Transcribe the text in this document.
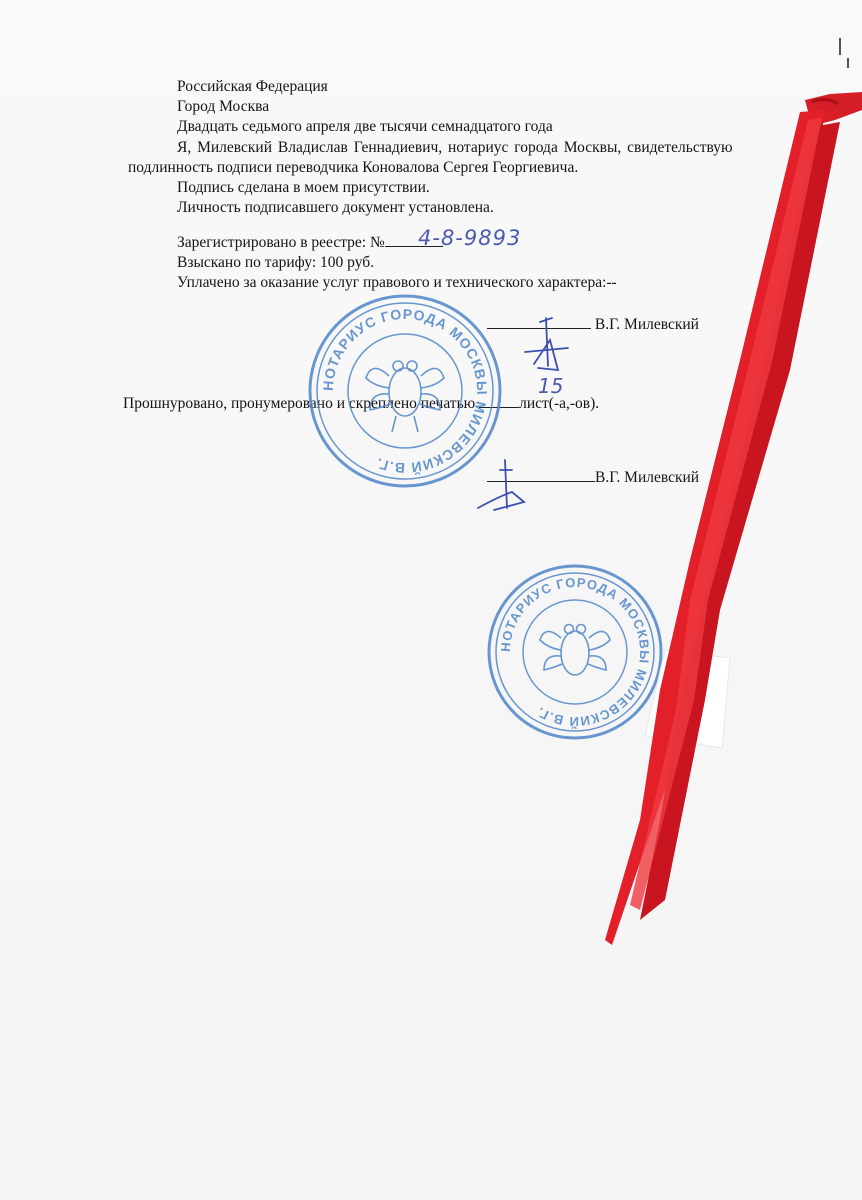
Российская Федерация
Город Москва
Двадцать седьмого апреля две тысячи семнадцатого года
Я, Милевский Владислав Геннадиевич, нотариус города Москвы, свидетельствую
подлинность подписи переводчика Коновалова Сергея Георгиевича.
Подпись сделана в моем присутствии.
Личность подписавшего документ установлена.
Зарегистрировано в реестре: №	4-8-9893
Взыскано по тарифу: 100 руб.
Уплачено за оказание услуг правового и технического характера:--
В.Г. Милевский
Прошнуровано, пронумеровано и скреплено печатью	лист(-а,-ов).
15
В.Г. Милевский
НОТАРИУС ГОРОДА МОСКВЫ МИЛЕВСКИЙ В.Г.
НОТАРИУС ГОРОДА МОСКВЫ МИЛЕВСКИЙ В.Г.
